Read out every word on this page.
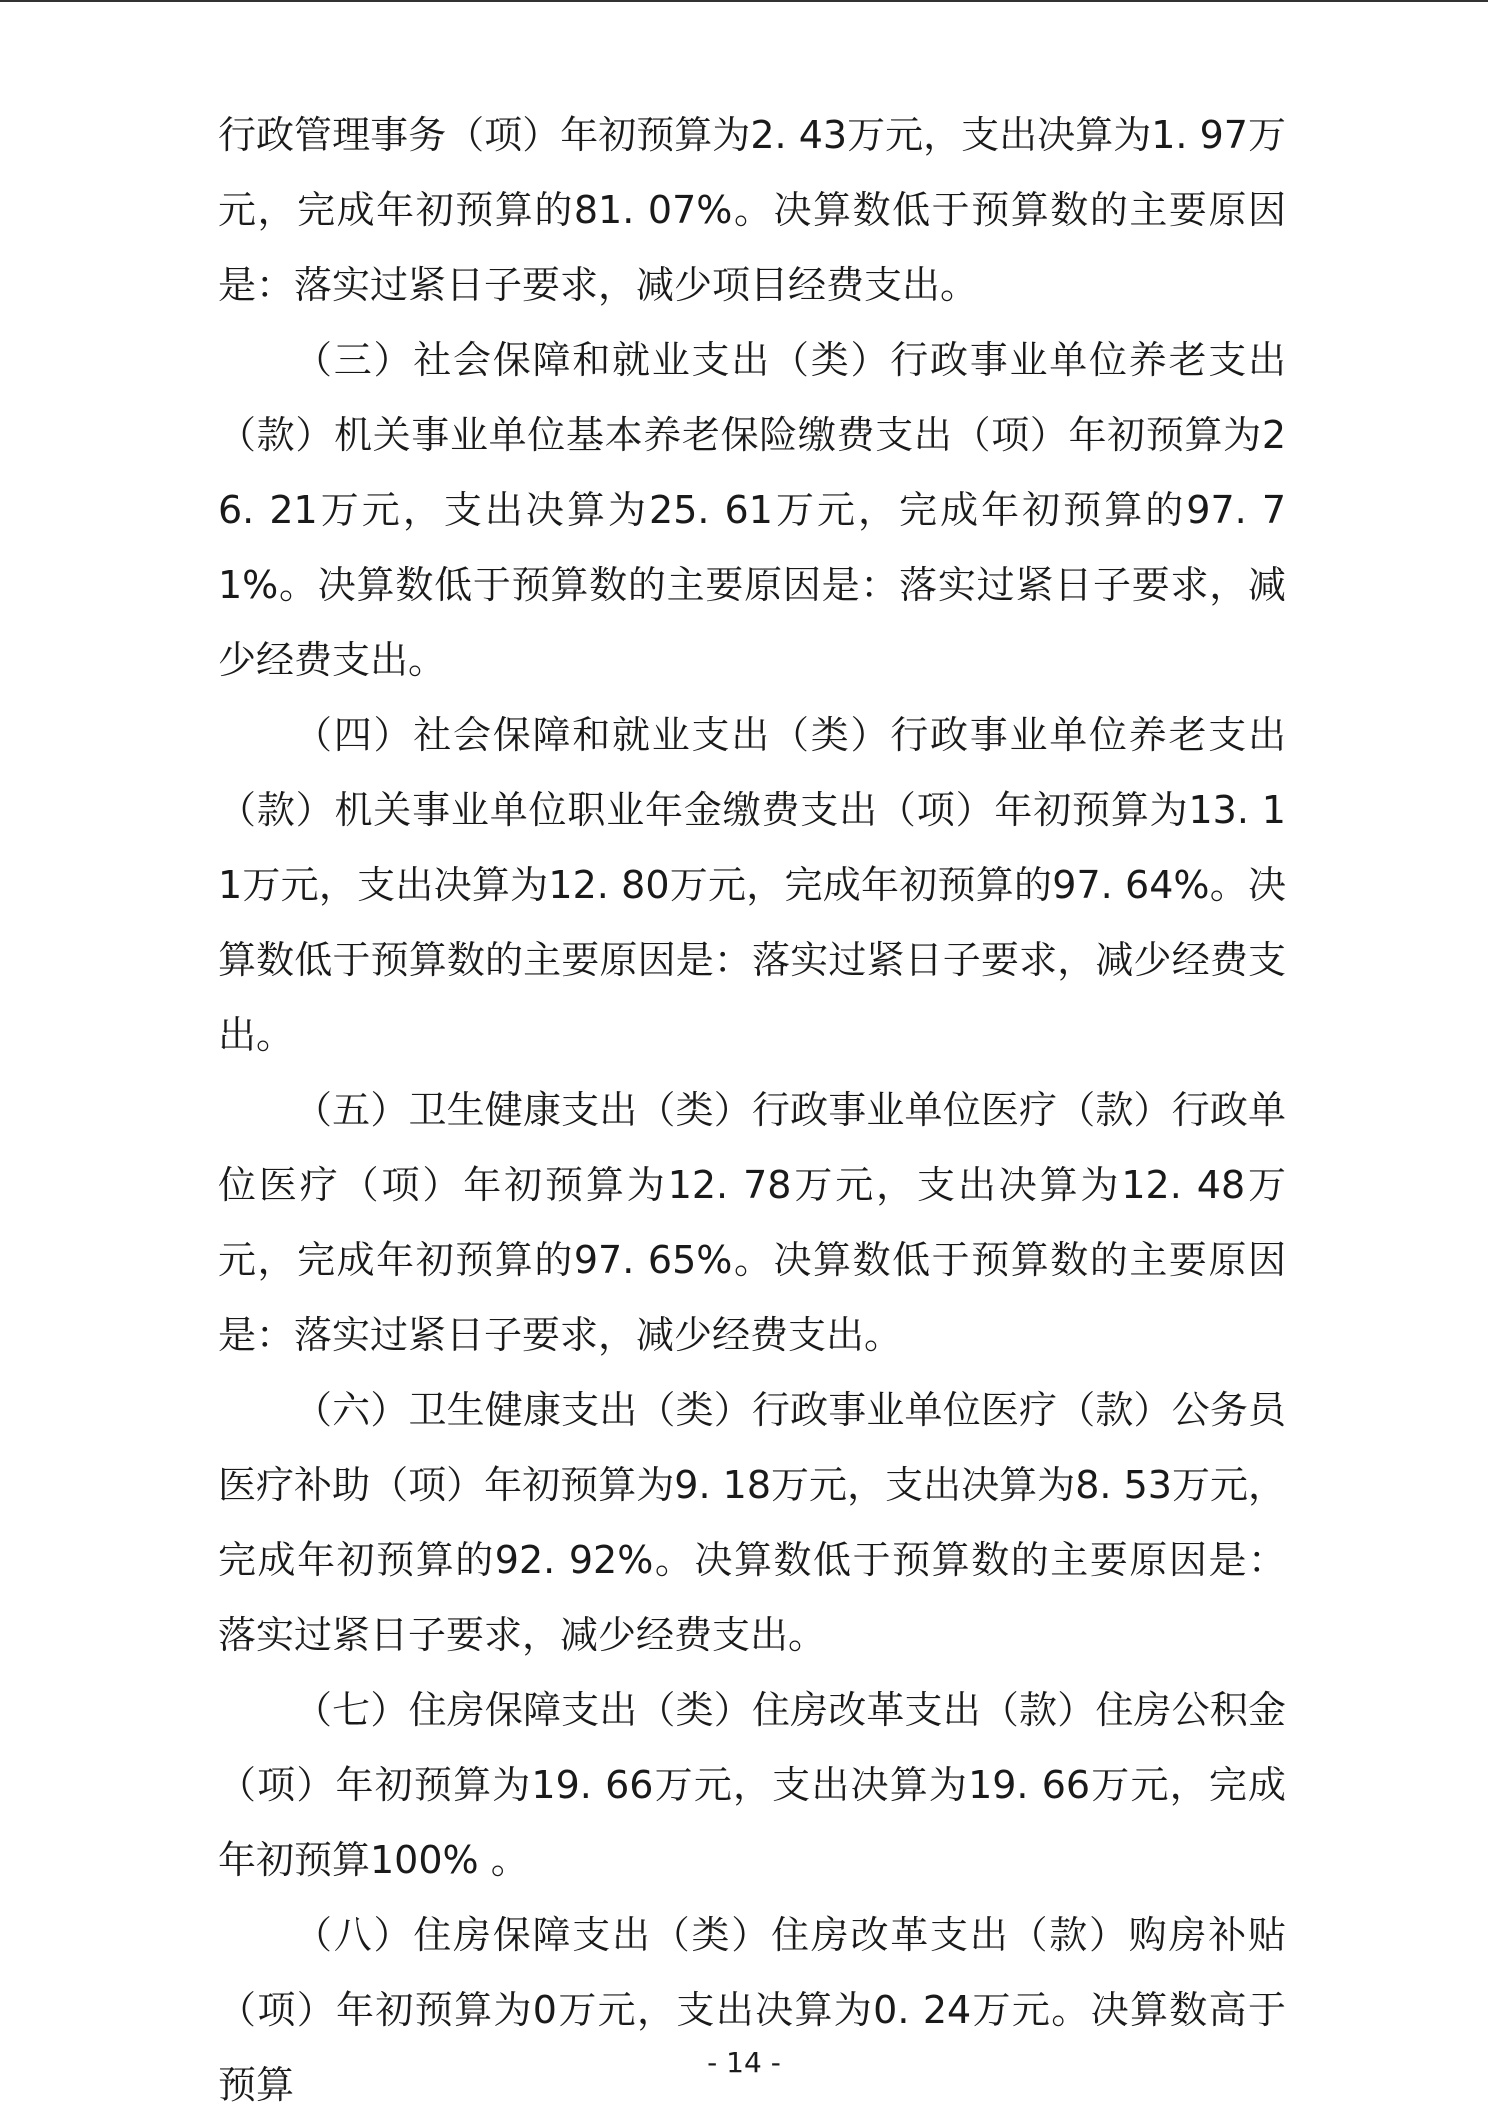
行政管理事务（项）年初预算为2. 43万元，支出决算为1. 97万元，完成年初预算的81. 07%。决算数低于预算数的主要原因是：落实过紧日子要求，减少项目经费支出。

（三）社会保障和就业支出（类）行政事业单位养老支出（款）机关事业单位基本养老保险缴费支出（项）年初预算为26. 21万元，支出决算为25. 61万元，完成年初预算的97. 71%。决算数低于预算数的主要原因是：落实过紧日子要求，减少经费支出。

（四）社会保障和就业支出（类）行政事业单位养老支出（款）机关事业单位职业年金缴费支出（项）年初预算为13. 11万元，支出决算为12. 80万元，完成年初预算的97. 64%。决算数低于预算数的主要原因是：落实过紧日子要求，减少经费支出。

（五）卫生健康支出（类）行政事业单位医疗（款）行政单位医疗（项）年初预算为12. 78万元，支出决算为12. 48万元，完成年初预算的97. 65%。决算数低于预算数的主要原因是：落实过紧日子要求，减少经费支出。

（六）卫生健康支出（类）行政事业单位医疗（款）公务员医疗补助（项）年初预算为9. 18万元，支出决算为8. 53万元，完成年初预算的92. 92%。决算数低于预算数的主要原因是：落实过紧日子要求，减少经费支出。

（七）住房保障支出（类）住房改革支出（款）住房公积金（项）年初预算为19. 66万元，支出决算为19. 66万元，完成年初预算100% 。

（八）住房保障支出（类）住房改革支出（款）购房补贴（项）年初预算为0万元，支出决算为0. 24万元。决算数高于预算

- 14 -
